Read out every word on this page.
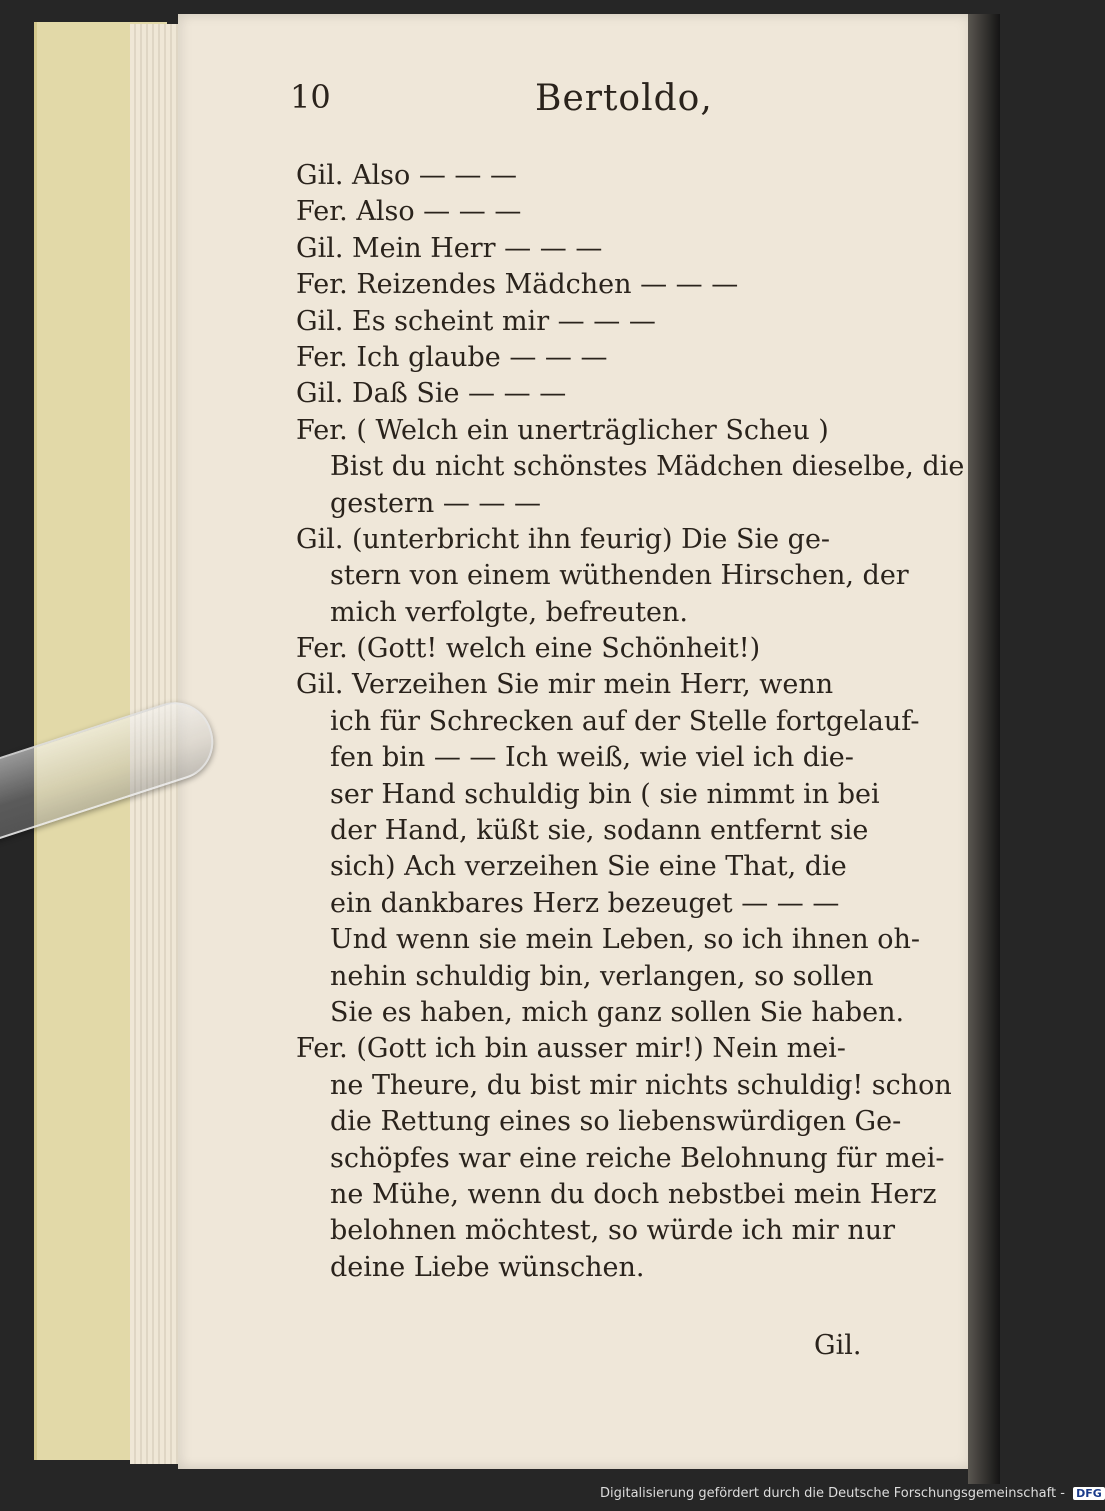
10	Bertoldo,
Gil. Also — — —
Fer. Also — — —
Gil. Mein Herr — — —
Fer. Reizendes Mädchen — — —
Gil. Es scheint mir — — —
Fer. Ich glaube — — —
Gil. Daß Sie — — —
Fer. ( Welch ein unerträglicher Scheu )
Bist du nicht schönstes Mädchen dieselbe, die
gestern — — —
Gil. (unterbricht ihn feurig) Die Sie ge-
stern von einem wüthenden Hirschen, der
mich verfolgte, befreuten.
Fer. (Gott! welch eine Schönheit!)
Gil. Verzeihen Sie mir mein Herr, wenn
ich für Schrecken auf der Stelle fortgelauf-
fen bin — — Ich weiß, wie viel ich die-
ser Hand schuldig bin ( sie nimmt in bei
der Hand, küßt sie, sodann entfernt sie
sich) Ach verzeihen Sie eine That, die
ein dankbares Herz bezeuget — — —
Und wenn sie mein Leben, so ich ihnen oh-
nehin schuldig bin, verlangen, so sollen
Sie es haben, mich ganz sollen Sie haben.
Fer. (Gott ich bin ausser mir!) Nein mei-
ne Theure, du bist mir nichts schuldig! schon
die Rettung eines so liebenswürdigen Ge-
schöpfes war eine reiche Belohnung für mei-
ne Mühe, wenn du doch nebstbei mein Herz
belohnen möchtest, so würde ich mir nur
deine Liebe wünschen.
Gil.
Digitalisierung gefördert durch die Deutsche Forschungsgemeinschaft - DFG
